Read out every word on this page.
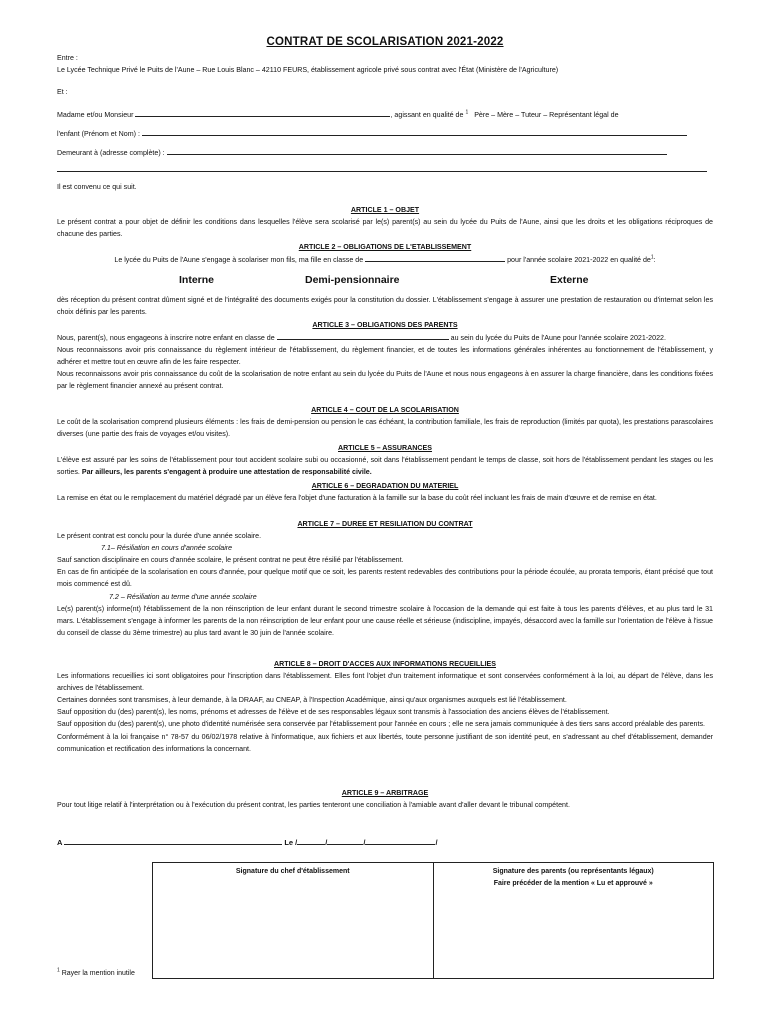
CONTRAT DE SCOLARISATION 2021-2022
Entre :
Le Lycée Technique Privé le Puits de l'Aune – Rue Louis Blanc – 42110 FEURS, établissement agricole privé sous contrat avec l'État (Ministère de l'Agriculture)
Et :
Madame et/ou Monsieur	, agissant en qualité de $^1$ Père – Mère – Tuteur – Représentant légal de
l'enfant (Prénom et Nom) :
Demeurant à (adresse complète) :
Il est convenu ce qui suit.
ARTICLE 1 – OBJET
Le présent contrat a pour objet de définir les conditions dans lesquelles l'élève sera scolarisé par le(s) parent(s) au sein du lycée du Puits de l'Aune, ainsi que les droits et les obligations réciproques de chacune des parties.
ARTICLE 2 – OBLIGATIONS DE L'ETABLISSEMENT
Le lycée du Puits de l'Aune s'engage à scolariser mon fils, ma fille en classe de	pour l'année scolaire 2021-2022 en qualité $de^1$:
Interne	Demi-pensionnaire	Externe
dès réception du présent contrat dûment signé et de l'intégralité des documents exigés pour la constitution du dossier. L'établissement s'engage à assurer une prestation de restauration ou d'internat selon les choix définis par les parents.
ARTICLE 3 – OBLIGATIONS DES PARENTS
Nous, parent(s), nous engageons à inscrire notre enfant en classe de	au sein du lycée du Puits de l'Aune pour l'année scolaire 2021-2022.
Nous reconnaissons avoir pris connaissance du règlement intérieur de l'établissement, du règlement financier, et de toutes les informations générales inhérentes au fonctionnement de l'établissement, y adhérer et mettre tout en œuvre afin de les faire respecter.
Nous reconnaissons avoir pris connaissance du coût de la scolarisation de notre enfant au sein du lycée du Puits de l'Aune et nous nous engageons à en assurer la charge financière, dans les conditions fixées par le règlement financier annexé au présent contrat.
ARTICLE 4 – COUT DE LA SCOLARISATION
Le coût de la scolarisation comprend plusieurs éléments : les frais de demi-pension ou pension le cas échéant, la contribution familiale, les frais de reproduction (limités par quota), les prestations parascolaires diverses (une partie des frais de voyages et/ou visites).
ARTICLE 5 – ASSURANCES
L'élève est assuré par les soins de l'établissement pour tout accident scolaire subi ou occasionné, soit dans l'établissement pendant le temps de classe, soit hors de l'établissement pendant les stages ou les sorties. Par ailleurs, les parents s'engagent à produire une attestation de responsabilité civile.
ARTICLE 6 – DEGRADATION DU MATERIEL
La remise en état ou le remplacement du matériel dégradé par un élève fera l'objet d'une facturation à la famille sur la base du coût réel incluant les frais de main d'œuvre et de remise en état.
ARTICLE 7 – DUREE ET RESILIATION DU CONTRAT
Le présent contrat est conclu pour la durée d'une année scolaire.
7.1– Résiliation en cours d'année scolaire
Sauf sanction disciplinaire en cours d'année scolaire, le présent contrat ne peut être résilié par l'établissement.
En cas de fin anticipée de la scolarisation en cours d'année, pour quelque motif que ce soit, les parents restent redevables des contributions pour la période écoulée, au prorata temporis, étant précisé que tout mois commencé est dû.
7.2 – Résiliation au terme d'une année scolaire
Le(s) parent(s) informe(nt) l'établissement de la non réinscription de leur enfant durant le second trimestre scolaire à l'occasion de la demande qui est faite à tous les parents d'élèves, et au plus tard le 31 mars. L'établissement s'engage à informer les parents de la non réinscription de leur enfant pour une cause réelle et sérieuse (indiscipline, impayés, désaccord avec la famille sur l'orientation de l'élève à l'issue du conseil de classe du 3ème trimestre) au plus tard avant le 30 juin de l'année scolaire.
ARTICLE 8 – DROIT D'ACCES AUX INFORMATIONS RECUEILLIES
Les informations recueillies ici sont obligatoires pour l'inscription dans l'établissement. Elles font l'objet d'un traitement informatique et sont conservées conformément à la loi, au départ de l'élève, dans les archives de l'établissement.
Certaines données sont transmises, à leur demande, à la DRAAF, au CNEAP, à l'Inspection Académique, ainsi qu'aux organismes auxquels est lié l'établissement.
Sauf opposition du (des) parent(s), les noms, prénoms et adresses de l'élève et de ses responsables légaux sont transmis à l'association des anciens élèves de l'établissement.
Sauf opposition du (des) parent(s), une photo d'identité numérisée sera conservée par l'établissement pour l'année en cours ; elle ne sera jamais communiquée à des tiers sans accord préalable des parents.
Conformément à la loi française n° 78-57 du 06/02/1978 relative à l'informatique, aux fichiers et aux libertés, toute personne justifiant de son identité peut, en s'adressant au chef d'établissement, demander communication et rectification des informations la concernant.
ARTICLE 9 – ARBITRAGE
Pour tout litige relatif à l'interprétation ou à l'exécution du présent contrat, les parties tenteront une conciliation à l'amiable avant d'aller devant le tribunal compétent.
A	Le /	/	/	/
Signature du chef d'établissement	Signature des parents (ou représentants légaux)
Faire précéder de la mention « Lu et approuvé »
$^1$ Rayer la mention inutile
